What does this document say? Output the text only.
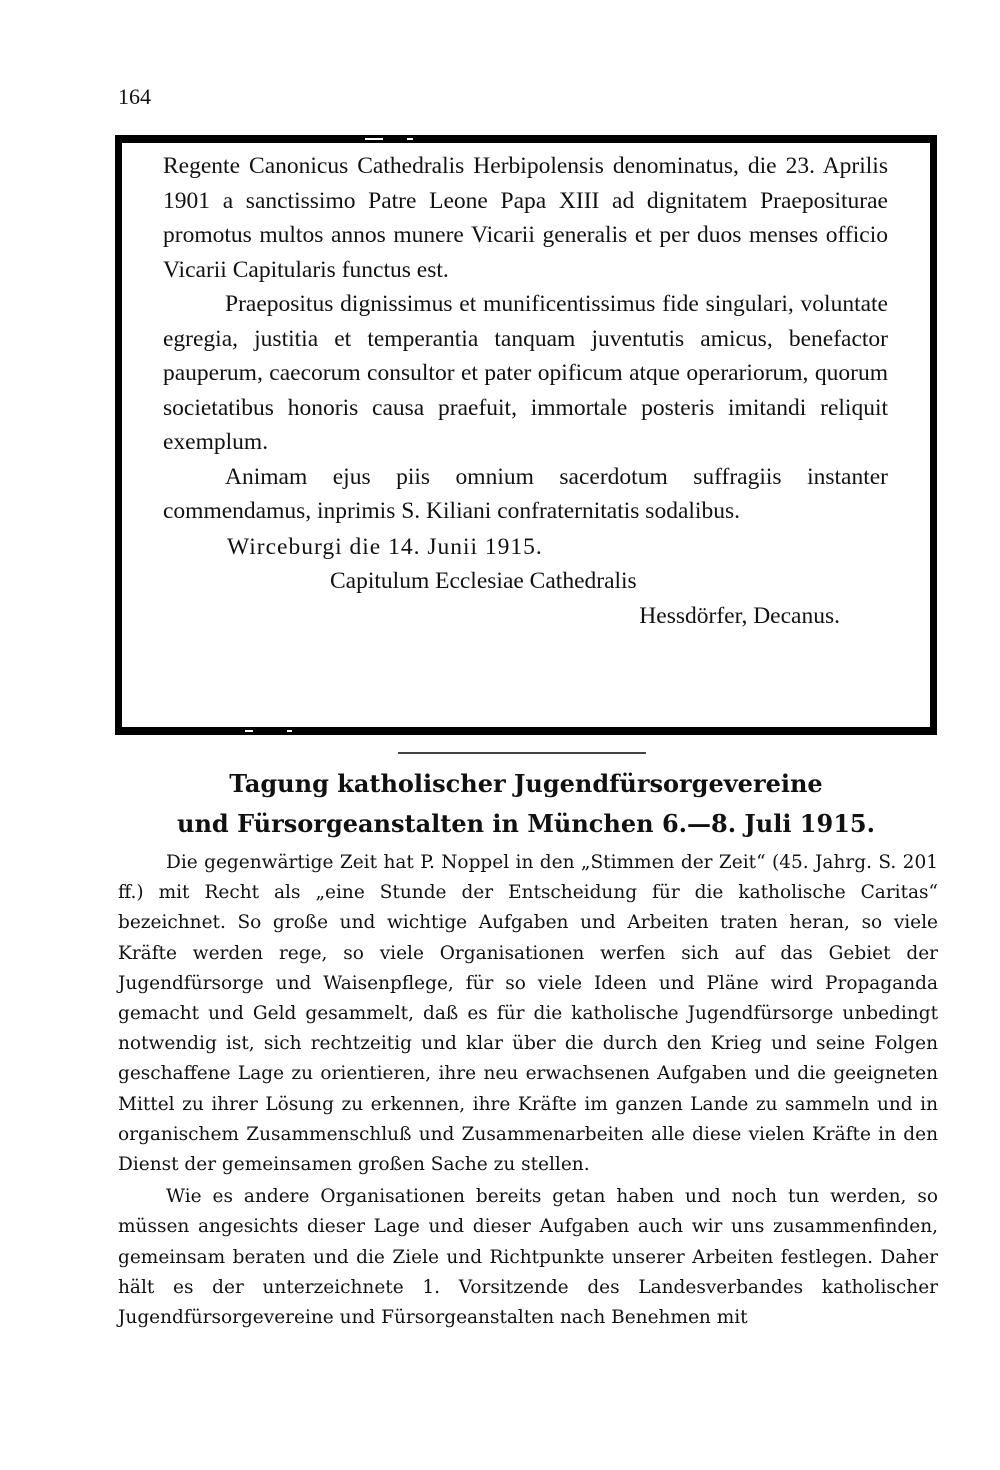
164

Regente Canonicus Cathedralis Herbipolensis denominatus, die 23. Aprilis 1901 a sanctissimo Patre Leone Papa XIII ad dignitatem Praepositurae promotus multos annos munere Vicarii generalis et per duos menses officio Vicarii Capitularis functus est.

Praepositus dignissimus et munificentissimus fide singulari, voluntate egregia, justitia et temperantia tanquam juventutis amicus, benefactor pauperum, caecorum consultor et pater opificum atque operariorum, quorum societatibus honoris causa praefuit, immortale posteris imitandi reliquit exemplum.

Animam ejus piis omnium sacerdotum suffragiis instanter commendamus, inprimis S. Kiliani confraternitatis sodalibus.

Wirceburgi die 14. Junii 1915.

Capitulum Ecclesiae Cathedralis

Hessdörfer, Decanus.

Tagung katholischer Jugendfürsorgevereine
und Fürsorgeanstalten in München 6.—8. Juli 1915.

Die gegenwärtige Zeit hat P. Noppel in den „Stimmen der Zeit“ (45. Jahrg. S. 201 ff.) mit Recht als „eine Stunde der Entscheidung für die katholische Caritas“ bezeichnet. So große und wichtige Aufgaben und Arbeiten traten heran, so viele Kräfte werden rege, so viele Organisationen werfen sich auf das Gebiet der Jugendfürsorge und Waisenpflege, für so viele Ideen und Pläne wird Propaganda gemacht und Geld gesammelt, daß es für die katholische Jugendfürsorge unbedingt notwendig ist, sich rechtzeitig und klar über die durch den Krieg und seine Folgen geschaffene Lage zu orientieren, ihre neu erwachsenen Aufgaben und die geeigneten Mittel zu ihrer Lösung zu erkennen, ihre Kräfte im ganzen Lande zu sammeln und in organischem Zusammenschluß und Zusammenarbeiten alle diese vielen Kräfte in den Dienst der gemeinsamen großen Sache zu stellen.

Wie es andere Organisationen bereits getan haben und noch tun werden, so müssen angesichts dieser Lage und dieser Aufgaben auch wir uns zusammenfinden, gemeinsam beraten und die Ziele und Richtpunkte unserer Arbeiten festlegen. Daher hält es der unterzeichnete 1. Vorsitzende des Landesverbandes katholischer Jugendfürsorgevereine und Fürsorgeanstalten nach Benehmen mit
